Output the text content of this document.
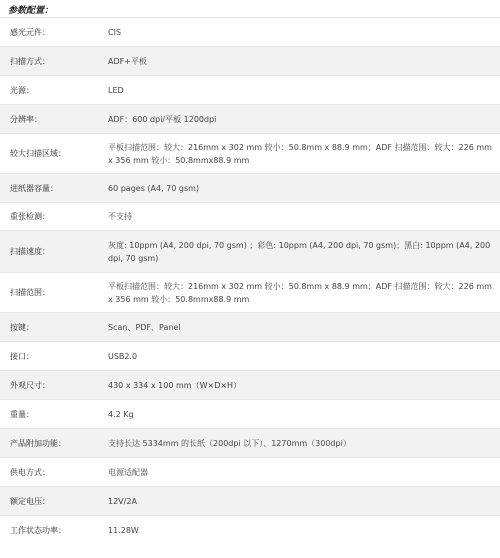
参数配置：
感光元件：	CIS
扫描方式：	ADF+平板
光源：	LED
分辨率：	ADF：600 dpi/平板 1200dpi
较大扫描区域：	平板扫描范围：较大：216mm x 302 mm 较小：50.8mm x 88.9 mm；ADF 扫描范围：较大：226 mm x 356 mm 较小：50.8mmx88.9 mm
进纸器容量：	60 pages (A4, 70 gsm)
重张检测：	不支持
扫描速度：	灰度: 10ppm (A4, 200 dpi, 70 gsm) ；彩色: 10ppm (A4, 200 dpi, 70 gsm)；黑白: 10ppm (A4, 200 dpi, 70 gsm)
扫描范围：	平板扫描范围：较大：216mm x 302 mm 较小：50.8mm x 88.9 mm；ADF 扫描范围：较大：226 mm x 356 mm 较小：50.8mmx88.9 mm
按键：	Scan、PDF、Panel
接口：	USB2.0
外观尺寸：	430 x 334 x 100 mm（W×D×H）
重量：	4.2 Kg
产品附加功能：	支持长达 5334mm 的长纸（200dpi 以下）、1270mm（300dpi）
供电方式：	电源适配器
额定电压：	12V/2A
工作状态功率：	11.28W
